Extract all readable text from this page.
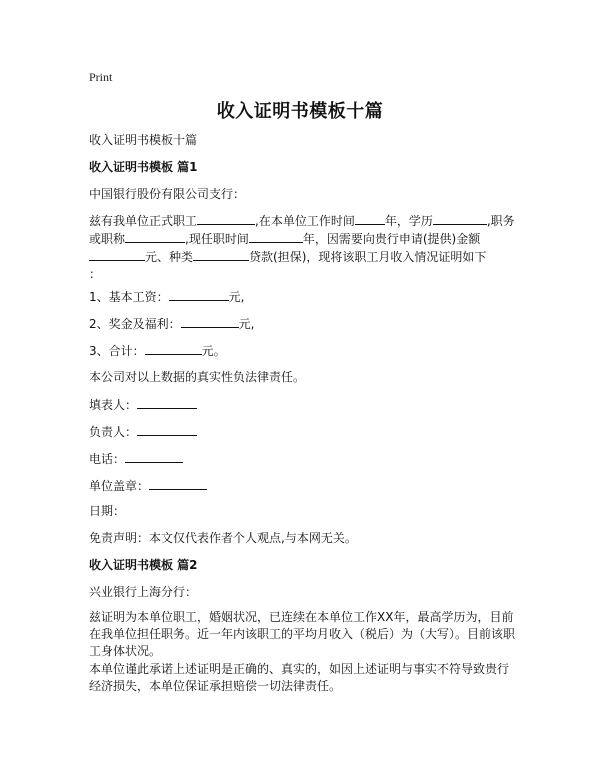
Print
收入证明书模板十篇
收入证明书模板十篇
收入证明书模板 篇1
中国银行股份有限公司支行：
兹有我单位正式职工	,在本单位工作时间	年，学历	,职务
或职称	,现任职时间	年，因需要向贵行申请(提供)金额
元、种类	贷款(担保)，现将该职工月收入情况证明如下
：
1、基本工资：	元,
2、奖金及福利：	元,
3、合计：	元。
本公司对以上数据的真实性负法律责任。
填表人：
负责人：
电话：
单位盖章：
日期：
免责声明：本文仅代表作者个人观点,与本网无关。
收入证明书模板 篇2
兴业银行上海分行：
兹证明为本单位职工，婚姻状况，已连续在本单位工作XX年，最高学历为，目前
在我单位担任职务。近一年内该职工的平均月收入（税后）为（大写）。目前该职
工身体状况。
本单位谨此承诺上述证明是正确的、真实的，如因上述证明与事实不符导致贵行
经济损失，本单位保证承担赔偿一切法律责任。
